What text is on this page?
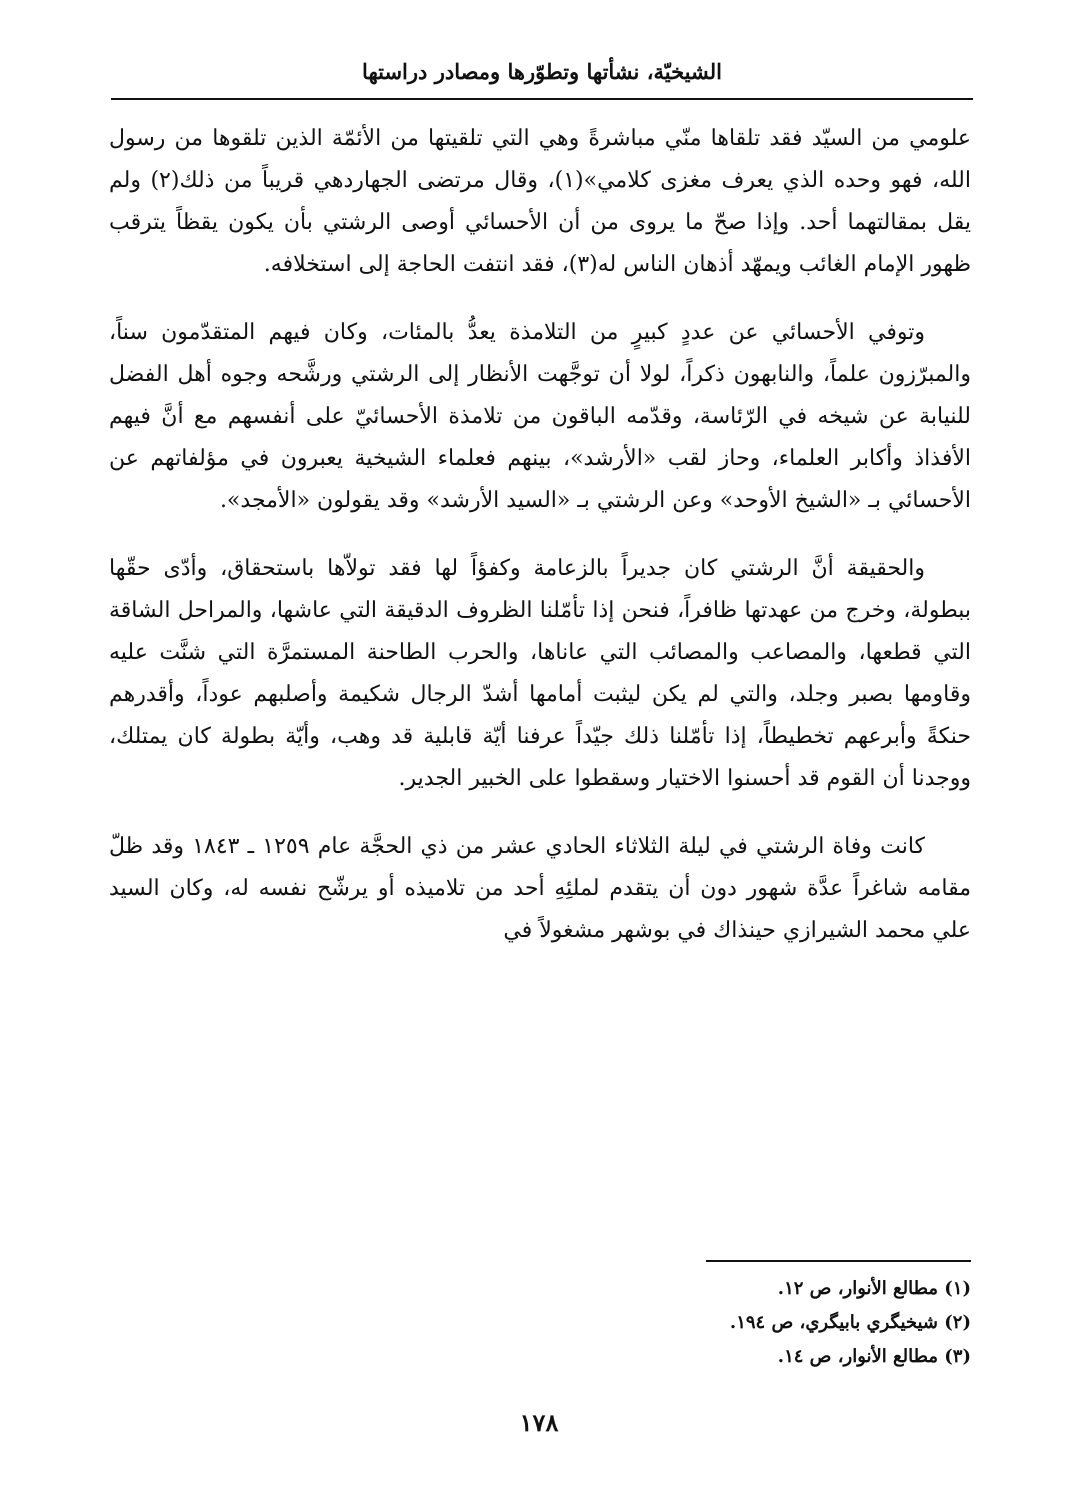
الشيخيّة، نشأتها وتطوّرها ومصادر دراستها

علومي من السيّد فقد تلقاها منّي مباشرةً وهي التي تلقيتها من الأئمّة الذين تلقوها من رسول الله، فهو وحده الذي يعرف مغزى كلامي»(١)، وقال مرتضى الجهاردهي قريباً من ذلك(٢) ولم يقل بمقالتهما أحد. وإذا صحّ ما يروى من أن الأحسائي أوصى الرشتي بأن يكون يقظاً يترقب ظهور الإمام الغائب ويمهّد أذهان الناس له(٣)، فقد انتفت الحاجة إلى استخلافه.

وتوفي الأحسائي عن عددٍ كبيرٍ من التلامذة يعدُّ بالمئات، وكان فيهم المتقدّمون سناً، والمبرّزون علماً، والنابهون ذكراً، لولا أن توجَّهت الأنظار إلى الرشتي ورشَّحه وجوه أهل الفضل للنيابة عن شيخه في الرّئاسة، وقدّمه الباقون من تلامذة الأحسائيّ على أنفسهم مع أنَّ فيهم الأفذاذ وأكابر العلماء، وحاز لقب «الأرشد»، بينهم فعلماء الشيخية يعبرون في مؤلفاتهم عن الأحسائي بـ «الشيخ الأوحد» وعن الرشتي بـ «السيد الأرشد» وقد يقولون «الأمجد».

والحقيقة أنَّ الرشتي كان جديراً بالزعامة وكفؤاً لها فقد تولاّها باستحقاق، وأدّى حقّها ببطولة، وخرج من عهدتها ظافراً، فنحن إذا تأمّلنا الظروف الدقيقة التي عاشها، والمراحل الشاقة التي قطعها، والمصاعب والمصائب التي عاناها، والحرب الطاحنة المستمرَّة التي شنَّت عليه وقاومها بصبر وجلد، والتي لم يكن ليثبت أمامها أشدّ الرجال شكيمة وأصلبهم عوداً، وأقدرهم حنكةً وأبرعهم تخطيطاً، إذا تأمّلنا ذلك جيّداً عرفنا أيّة قابلية قد وهب، وأيّة بطولة كان يمتلك، ووجدنا أن القوم قد أحسنوا الاختيار وسقطوا على الخبير الجدير.

كانت وفاة الرشتي في ليلة الثلاثاء الحادي عشر من ذي الحجَّة عام ١٢٥٩ ـ ١٨٤٣ وقد ظلّ مقامه شاغراً عدَّة شهور دون أن يتقدم لملئِهِ أحد من تلاميذه أو يرشّح نفسه له، وكان السيد علي محمد الشيرازي حينذاك في بوشهر مشغولاً في

(١) مطالع الأنوار، ص ١٢.

(٢) شيخيگري بابيگري، ص ١٩٤.

(٣) مطالع الأنوار، ص ١٤.

١٧٨
